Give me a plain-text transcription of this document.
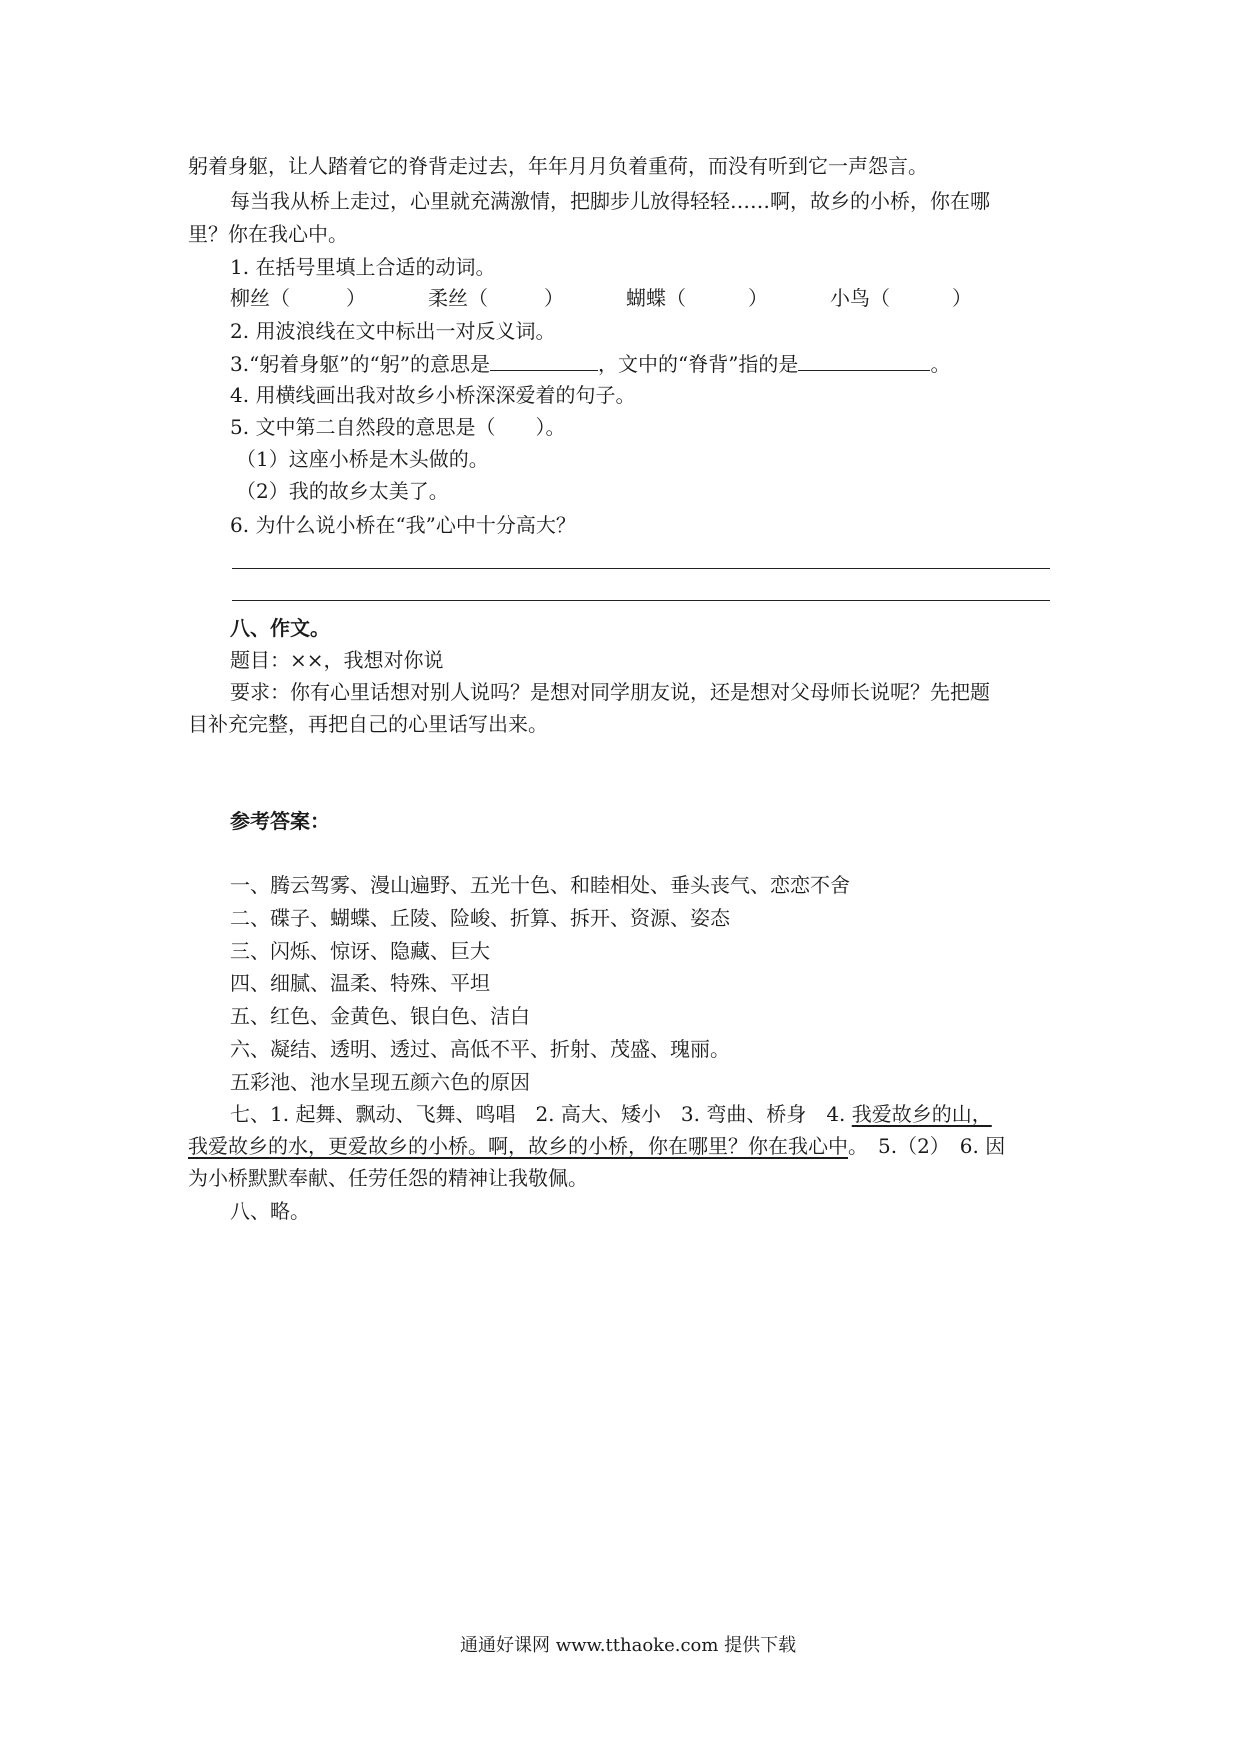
躬着身躯，让人踏着它的脊背走过去，年年月月负着重荷，而没有听到它一声怨言。
每当我从桥上走过，心里就充满激情，把脚步儿放得轻轻……啊，故乡的小桥，你在哪
里？你在我心中。
1. 在括号里填上合适的动词。
柳丝（	）	柔丝（	）	蝴蝶（	）	小鸟（	）
2. 用波浪线在文中标出一对反义词。
3.“躬着身躯”的“躬”的意思是	，文中的“脊背”指的是	。
4. 用横线画出我对故乡小桥深深爱着的句子。
5. 文中第二自然段的意思是（　　）。
（1）这座小桥是木头做的。
（2）我的故乡太美了。
6. 为什么说小桥在“我”心中十分高大？
八、作文。
题目：××，我想对你说
要求：你有心里话想对别人说吗？是想对同学朋友说，还是想对父母师长说呢？先把题
目补充完整，再把自己的心里话写出来。
参考答案：
一、腾云驾雾、漫山遍野、五光十色、和睦相处、垂头丧气、恋恋不舍
二、碟子、蝴蝶、丘陵、险峻、折算、拆开、资源、姿态
三、闪烁、惊讶、隐藏、巨大
四、细腻、温柔、特殊、平坦
五、红色、金黄色、银白色、洁白
六、凝结、透明、透过、高低不平、折射、茂盛、瑰丽。
五彩池、池水呈现五颜六色的原因
七、1. 起舞、飘动、飞舞、鸣唱　2. 高大、矮小　3. 弯曲、桥身　4. 我爱故乡的山，
我爱故乡的水，更爱故乡的小桥。啊，故乡的小桥，你在哪里？你在我心中。　5.（2）　6. 因
为小桥默默奉献、任劳任怨的精神让我敬佩。
八、略。
通通好课网 www.tthaoke.com 提供下载
